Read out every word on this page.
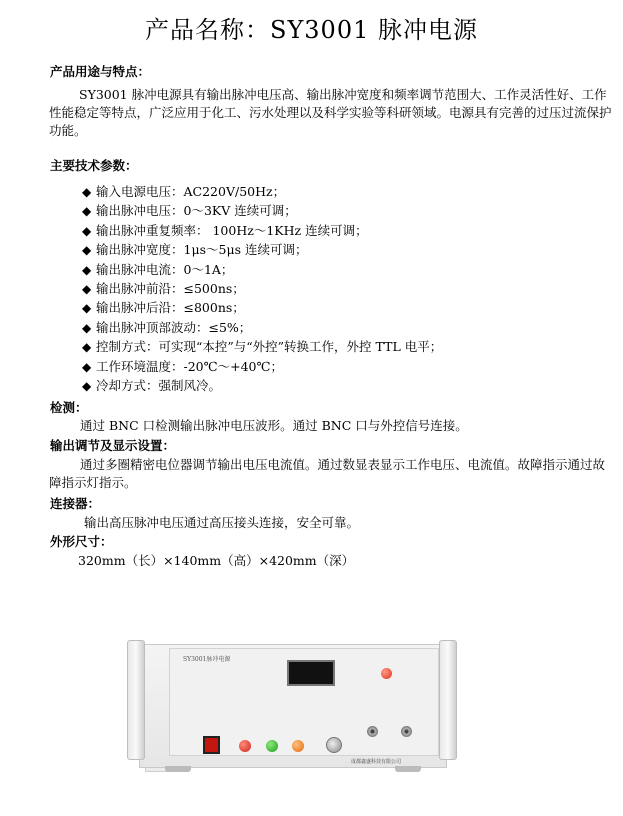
产品名称：SY3001 脉冲电源
产品用途与特点：
SY3001 脉冲电源具有输出脉冲电压高、输出脉冲宽度和频率调节范围大、工作灵活性好、工作性能稳定等特点，广泛应用于化工、污水处理以及科学实验等科研领域。电源具有完善的过压过流保护功能。
主要技术参数：
◆ 输入电源电压：AC220V/50Hz；
◆ 输出脉冲电压：0～3KV 连续可调；
◆ 输出脉冲重复频率： 100Hz～1KHz 连续可调；
◆ 输出脉冲宽度：1μs～5μs 连续可调；
◆ 输出脉冲电流：0～1A；
◆ 输出脉冲前沿：≤500ns；
◆ 输出脉冲后沿：≤800ns；
◆ 输出脉冲顶部波动：≤5%；
◆ 控制方式：可实现“本控”与“外控”转换工作，外控 TTL 电平；
◆ 工作环境温度：-20℃～+40℃；
◆ 冷却方式：强制风冷。
检测：
通过 BNC 口检测输出脉冲电压波形。通过 BNC 口与外控信号连接。
输出调节及显示设置：
通过多圈精密电位器调节输出电压电流值。通过数显表显示工作电压、电流值。故障指示通过故障指示灯指示。
连接器：
输出高压脉冲电压通过高压接头连接，安全可靠。
外形尺寸：
320mm（长）×140mm（高）×420mm（深）
SY3001脉冲电源
成都鑫盛科技有限公司
